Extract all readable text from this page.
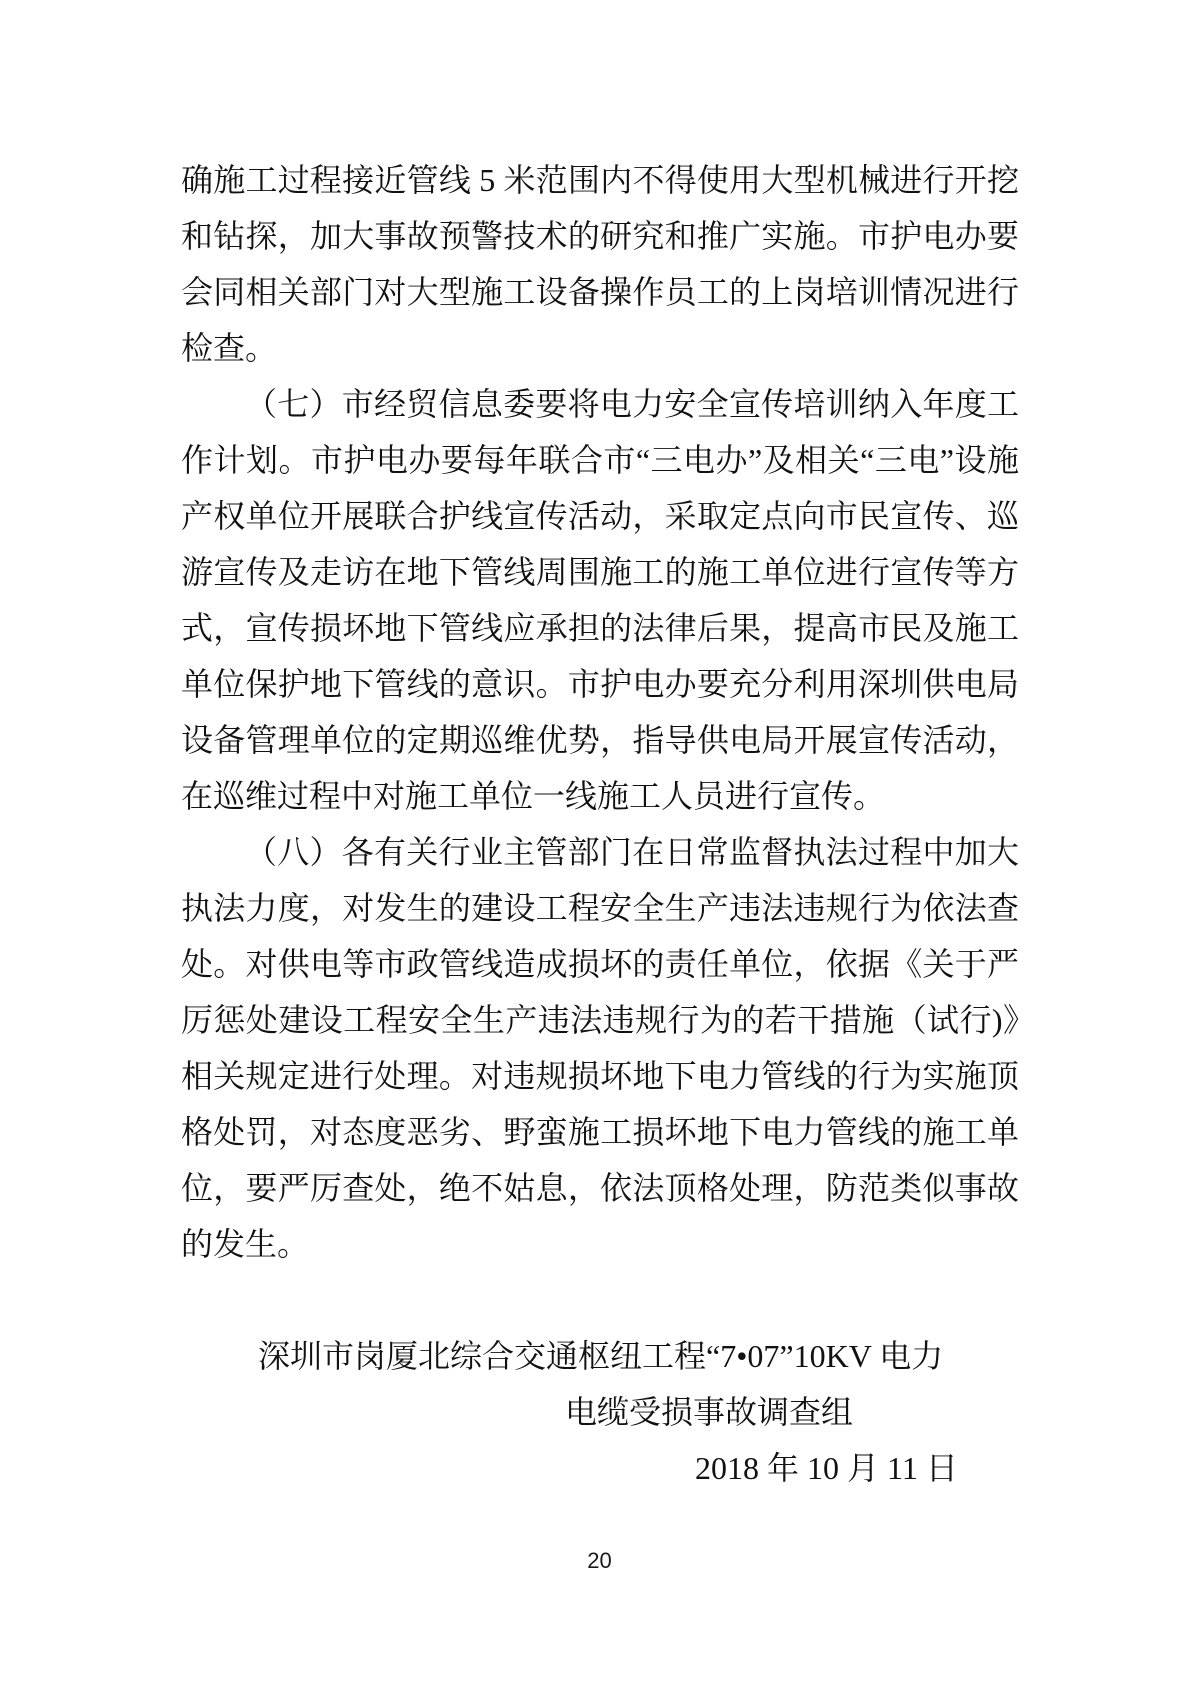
确施工过程接近管线 5 米范围内不得使用大型机械进行开挖和钻探，加大事故预警技术的研究和推广实施。市护电办要会同相关部门对大型施工设备操作员工的上岗培训情况进行检查。

（七）市经贸信息委要将电力安全宣传培训纳入年度工作计划。市护电办要每年联合市“三电办”及相关“三电”设施产权单位开展联合护线宣传活动，采取定点向市民宣传、巡游宣传及走访在地下管线周围施工的施工单位进行宣传等方式，宣传损坏地下管线应承担的法律后果，提高市民及施工单位保护地下管线的意识。市护电办要充分利用深圳供电局设备管理单位的定期巡维优势，指导供电局开展宣传活动，在巡维过程中对施工单位一线施工人员进行宣传。

（八）各有关行业主管部门在日常监督执法过程中加大执法力度，对发生的建设工程安全生产违法违规行为依法查处。对供电等市政管线造成损坏的责任单位，依据《关于严厉惩处建设工程安全生产违法违规行为的若干措施（试行)》相关规定进行处理。对违规损坏地下电力管线的行为实施顶格处罚，对态度恶劣、野蛮施工损坏地下电力管线的施工单位，要严厉查处，绝不姑息，依法顶格处理，防范类似事故的发生。

深圳市岗厦北综合交通枢纽工程“7•07”10KV 电力
电缆受损事故调查组
2018 年 10 月 11 日
20
